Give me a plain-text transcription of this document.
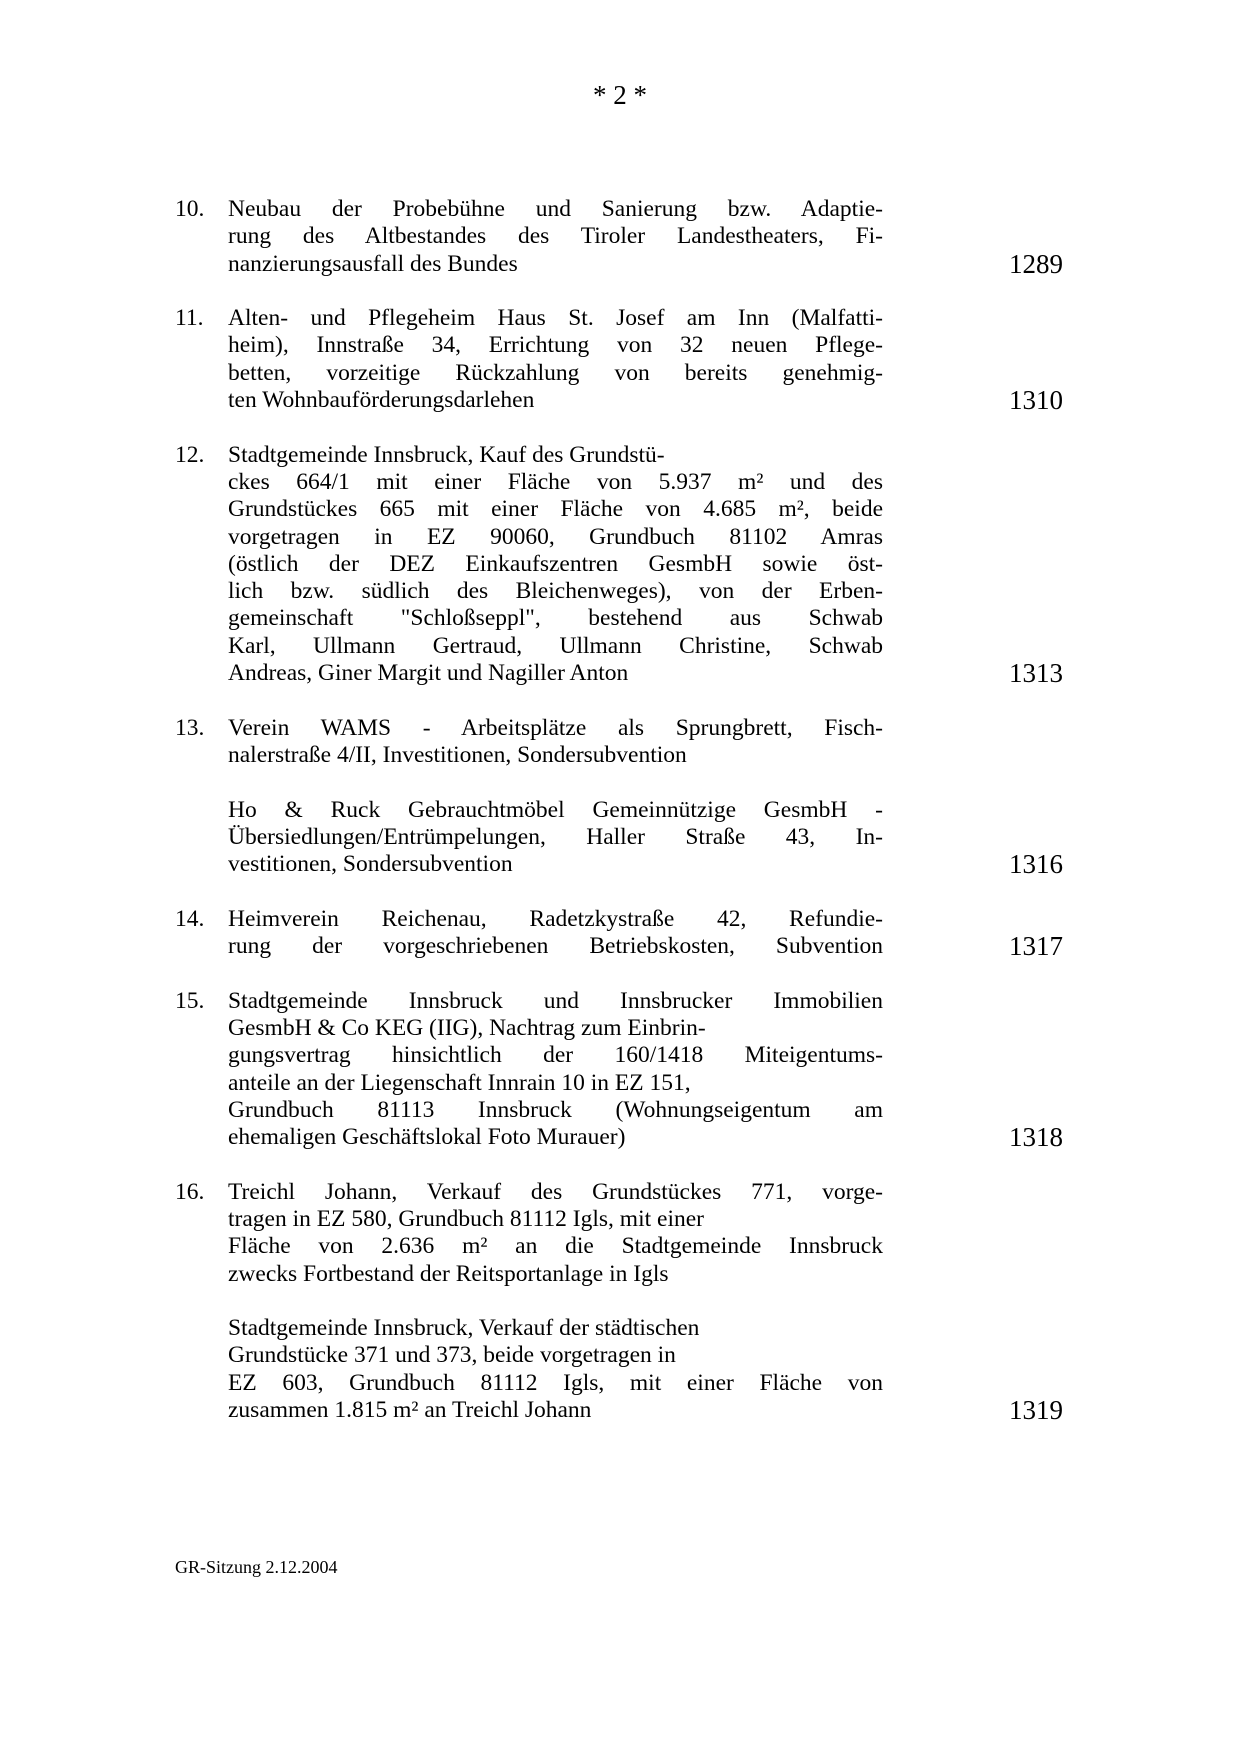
* 2 *
10.	Neubau der Probebühne und Sanierung bzw. Adaptie-
rung des Altbestandes des Tiroler Landestheaters, Fi-
nanzierungsausfall des Bundes	1289
11.	Alten- und Pflegeheim Haus St. Josef am Inn (Malfatti-
heim), Innstraße 34, Errichtung von 32 neuen Pflege-
betten, vorzeitige Rückzahlung von bereits genehmig-
ten Wohnbauförderungsdarlehen	1310
12.	Stadtgemeinde Innsbruck, Kauf des Grundstü-
ckes 664/1 mit einer Fläche von 5.937 m² und des
Grundstückes 665 mit einer Fläche von 4.685 m², beide
vorgetragen in EZ 90060, Grundbuch 81102 Amras
(östlich der DEZ Einkaufszentren GesmbH sowie öst-
lich bzw. südlich des Bleichenweges), von der Erben-
gemeinschaft "Schloßseppl", bestehend aus Schwab
Karl, Ullmann Gertraud, Ullmann Christine, Schwab
Andreas, Giner Margit und Nagiller Anton	1313
13.	Verein WAMS - Arbeitsplätze als Sprungbrett, Fisch-
nalerstraße 4/II, Investitionen, Sondersubvention
Ho & Ruck Gebrauchtmöbel Gemeinnützige GesmbH -
Übersiedlungen/Entrümpelungen, Haller Straße 43, In-
vestitionen, Sondersubvention	1316
14.	Heimverein Reichenau, Radetzkystraße 42, Refundie-
rung der vorgeschriebenen Betriebskosten, Subvention	1317
15.	Stadtgemeinde Innsbruck und Innsbrucker Immobilien
GesmbH & Co KEG (IIG), Nachtrag zum Einbrin-
gungsvertrag hinsichtlich der 160/1418 Miteigentums-
anteile an der Liegenschaft Innrain 10 in EZ 151,
Grundbuch 81113 Innsbruck (Wohnungseigentum am
ehemaligen Geschäftslokal Foto Murauer)	1318
16.	Treichl Johann, Verkauf des Grundstückes 771, vorge-
tragen in EZ 580, Grundbuch 81112 Igls, mit einer
Fläche von 2.636 m² an die Stadtgemeinde Innsbruck
zwecks Fortbestand der Reitsportanlage in Igls
Stadtgemeinde Innsbruck, Verkauf der städtischen
Grundstücke 371 und 373, beide vorgetragen in
EZ 603, Grundbuch 81112 Igls, mit einer Fläche von
zusammen 1.815 m² an Treichl Johann	1319
GR-Sitzung 2.12.2004
